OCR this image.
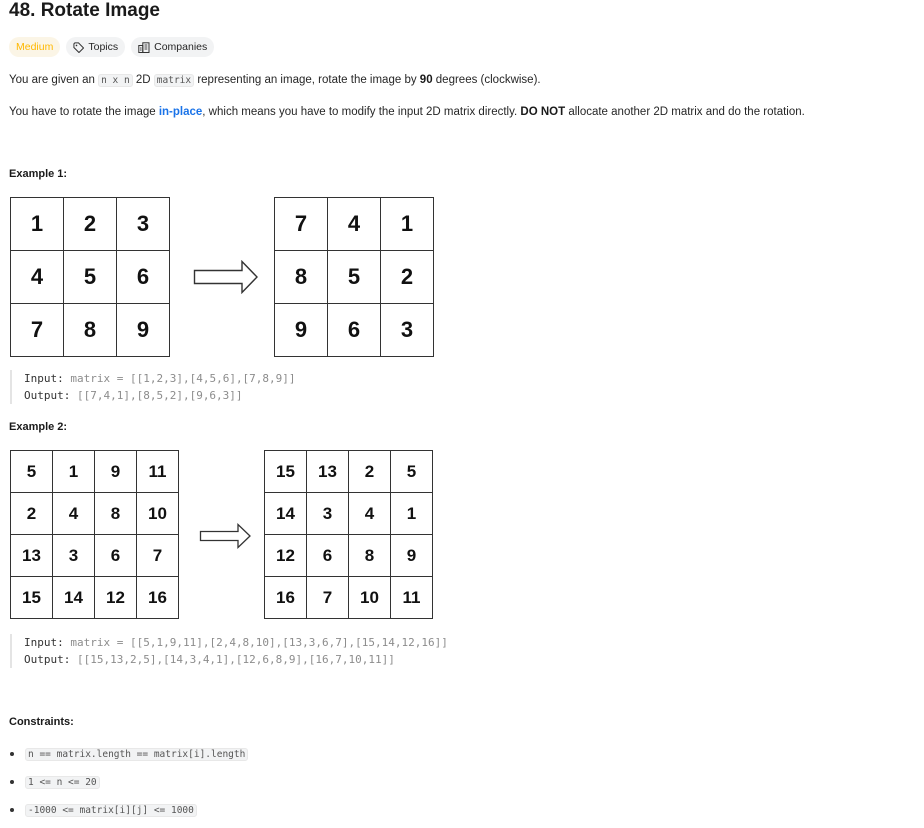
48. Rotate Image
Medium	Topics	Companies

You are given an n x n 2D matrix representing an image, rotate the image by 90 degrees (clockwise).

You have to rotate the image in-place, which means you have to modify the input 2D matrix directly. DO NOT allocate another 2D matrix and do the rotation.

Example 1:
1	2	3
4	5	6
7	8	9
7	4	1
8	5	2
9	6	3
Input: matrix = [[1,2,3],[4,5,6],[7,8,9]]
Output: [[7,4,1],[8,5,2],[9,6,3]]
Example 2:
5	1	9	11
2	4	8	10
13	3	6	7
15	14	12	16
15	13	2	5
14	3	4	1
12	6	8	9
16	7	10	11
Input: matrix = [[5,1,9,11],[2,4,8,10],[13,3,6,7],[15,14,12,16]]
Output: [[15,13,2,5],[14,3,4,1],[12,6,8,9],[16,7,10,11]]
Constraints:
n == matrix.length == matrix[i].length
1 <= n <= 20
-1000 <= matrix[i][j] <= 1000
